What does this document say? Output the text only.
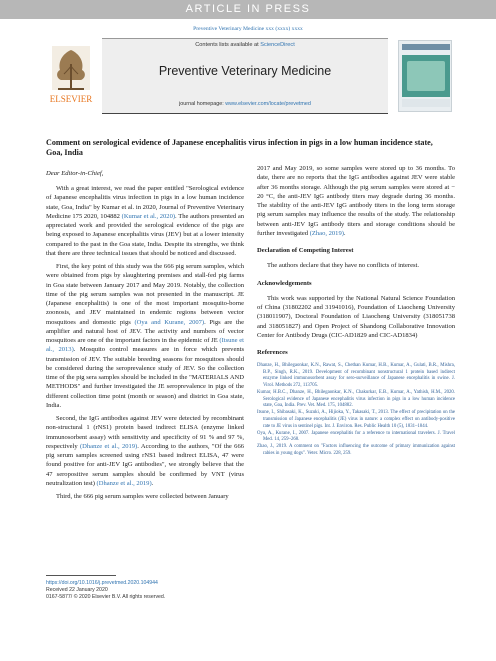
ARTICLE IN PRESS
Preventive Veterinary Medicine xxx (xxxx) xxxx
ELSEVIER
Contents lists available at ScienceDirect
Preventive Veterinary Medicine
journal homepage: www.elsevier.com/locate/prevetmed
Comment on serological evidence of Japanese encephalitis virus infection in pigs in a low human incidence state, Goa, India
Dear Editor-in-Chief,

With a great interest, we read the paper entitled "Serological evidence of Japanese encephalitis virus infection in pigs in a low human incidence state, Goa, India" by Kumar et al. in 2020, Journal of Preventive Veterinary Medicine 175 2020, 104882 (Kumar et al., 2020). The authors presented an appreciated work and provided the serological evidence of the pigs are being exposed to Japanese encephalitis virus (JEV) but at a lower intensity compared to the past in the Goa state, India. Despite its strengths, we think that there are three technical issues that should be noticed and discussed.

First, the key point of this study was the 666 pig serum samples, which were obtained from pigs by slaughtering premises and stall-fed pig farms in Goa state between January 2017 and May 2019. Notably, the collection time of the pig serum samples was not presented in the manuscript. JE (Japanese encephalitis) is one of the most important mosquito-borne zoonosis, and JEV maintained in endemic regions between vector mosquitoes and domestic pigs (Oya and Kurane, 2007). Pigs are the amplifier and natural host of JEV. The activity and numbers of vector mosquitoes are one of the important factors in the epidemic of JE (Itsune et al., 2013). Mosquito control measures are in force which prevents transmission of JEV. The suitable breeding seasons for mosquitoes should be considered during the seroprevalence study of JEV. So the collection time of the pig sera samples should be included in the "MATERIALS AND METHODS" and further investigated the JE seroprevalence in pigs of the different collection time point (month or season) and district in Goa state, India.

Second, the IgG antibodies against JEV were detected by recombinant non-structural 1 (rNS1) protein based indirect ELISA (enzyme linked immunosorbent assay) with sensitivity and specificity of 91 % and 97 %, respectively (Dhanze et al., 2019). According to the authors, "Of the 666 pig serum samples screened using rNS1 based indirect ELISA, 47 were found positive for anti-JEV IgG antibodies", we strongly believe that the 47 seropositive serum samples should be confirmed by VNT (virus neutralization test) (Dhanze et al., 2019).

Third, the 666 pig serum samples were collected between January

2017 and May 2019, so some samples were stored up to 36 months. To date, there are no reports that the IgG antibodies against JEV were stable after 36 months storage. Although the pig serum samples were stored at − 20 °C, the anti-JEV IgG antibody titers may degrade during 36 months. The stability of the anti-JEV IgG antibody titers in the long term storage pig serum samples may influence the results of the study. The relationship between anti-JEV IgG antibody titers and storage conditions should be further investigated (Zhao, 2019).

Declaration of Competing Interest

The authors declare that they have no conflicts of interest.

Acknowledgements

This work was supported by the National Natural Science Foundation of China (31802202 and 31941016), Foundation of Liaocheng University (318011907), Doctoral Foundation of Liaocheng University (318051738 and 318051827) and Open Project of Shandong Collaborative Innovation Center for Antibody Drugs (CIC-AD1829 and CIC-AD1834)

References
Dhanze, H., Bhilegaonkar, K.N., Rawat, S., Chethan Kumar, H.B., Kumar, A., Gulati, B.R., Mishra, B.P., Singh, R.K., 2019. Development of recombinant nonstructural 1 protein based indirect enzyme linked immunosorbent assay for sero-surveillance of Japanese encephalitis in swine. J. Virol. Methods 272, 113705.
Kumar, H.B.C., Dhanze, H., Bhilegaonkar, K.N., Chakurkar, E.B., Kumar, A., Yathish, H.M., 2020. Serological evidence of Japanese encephalitis virus infection in pigs in a low human incidence state, Goa, India. Prev. Vet. Med. 175, 104882.
Itsune, I., Shibasaki, K., Suzuki, A., Hijioka, Y., Takasaki, T., 2013. The effect of precipitation on the transmission of Japanese encephalitis (JE) virus in nature: a complex effect on antibody-positive rate to JE virus in sentinel pigs. Int. J. Environ. Res. Public Health 10 (5), 1831–1844.
Oya, A., Kurane, I., 2007. Japanese encephalitis for a reference to international travelers. J. Travel Med. 14, 259–268.
Zhao, J., 2019. A comment on "Factors influencing the outcome of primary immunization against rabies in young dogs". Veter. Micro. 228, 259.
https://doi.org/10.1016/j.prevetmed.2020.104944
Received 22 January 2020
0167-5877/ © 2020 Elsevier B.V. All rights reserved.
